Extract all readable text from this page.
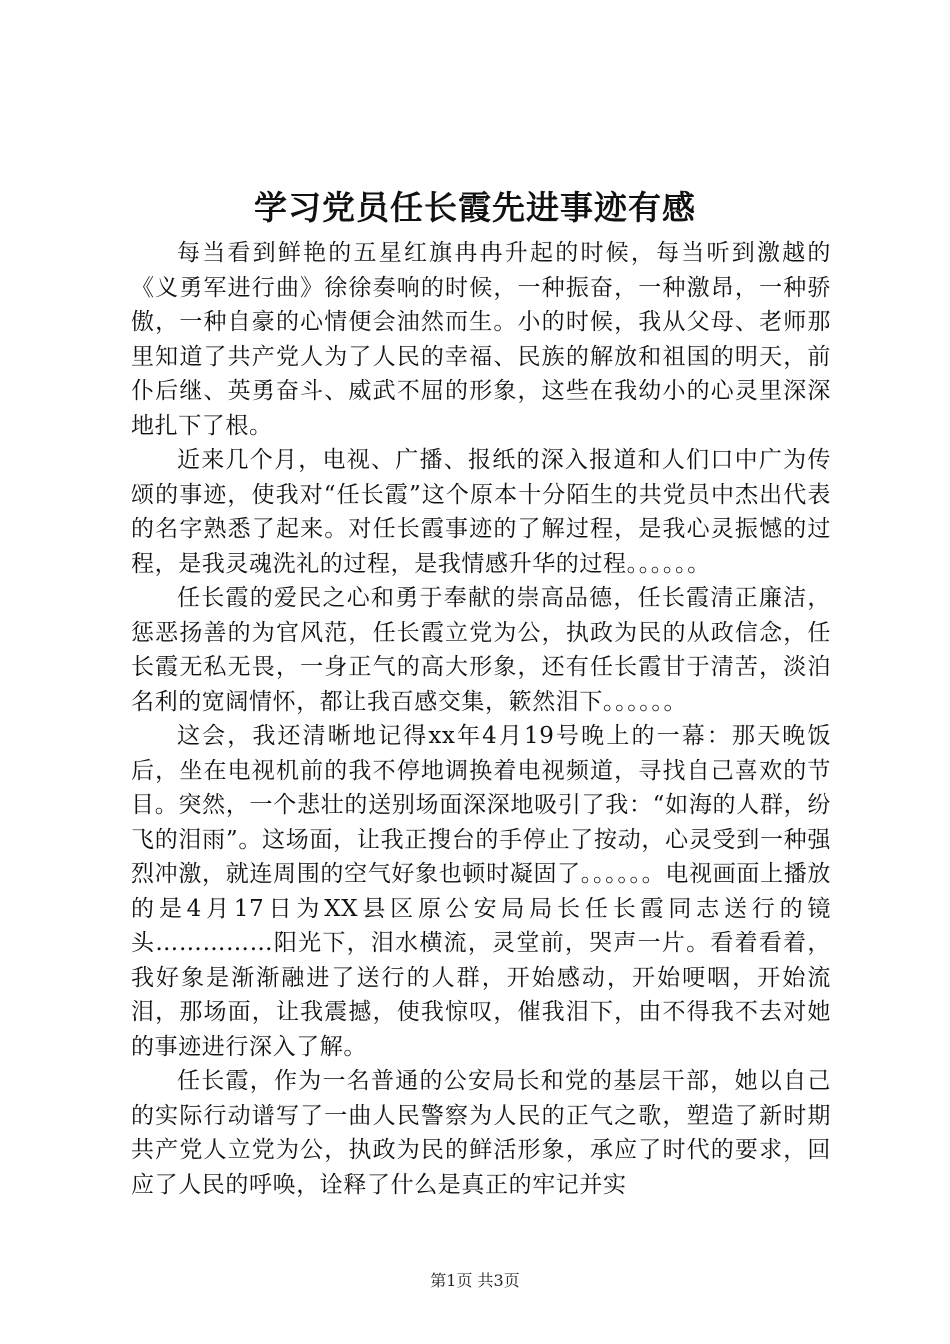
学习党员任长霞先进事迹有感

每当看到鲜艳的五星红旗冉冉升起的时候，每当听到激越的《义勇军进行曲》徐徐奏响的时候，一种振奋，一种激昂，一种骄傲，一种自豪的心情便会油然而生。小的时候，我从父母、老师那里知道了共产党人为了人民的幸福、民族的解放和祖国的明天，前仆后继、英勇奋斗、威武不屈的形象，这些在我幼小的心灵里深深地扎下了根。

近来几个月，电视、广播、报纸的深入报道和人们口中广为传颂的事迹，使我对“任长霞”这个原本十分陌生的共党员中杰出代表的名字熟悉了起来。对任长霞事迹的了解过程，是我心灵振憾的过程，是我灵魂洗礼的过程，是我情感升华的过程。。。。。。

任长霞的爱民之心和勇于奉献的崇高品德，任长霞清正廉洁，惩恶扬善的为官风范，任长霞立党为公，执政为民的从政信念，任长霞无私无畏，一身正气的高大形象，还有任长霞甘于清苦，淡泊名利的宽阔情怀，都让我百感交集，簌然泪下。。。。。。

这会，我还清晰地记得xx年4月19号晚上的一幕：那天晚饭后，坐在电视机前的我不停地调换着电视频道，寻找自己喜欢的节目。突然，一个悲壮的送别场面深深地吸引了我：“如海的人群，纷飞的泪雨”。这场面，让我正搜台的手停止了按动，心灵受到一种强烈冲激，就连周围的空气好象也顿时凝固了。。。。。。电视画面上播放的是4月17日为XX县区原公安局局长任长霞同志送行的镜头……………阳光下，泪水横流，灵堂前，哭声一片。看着看着，我好象是渐渐融进了送行的人群，开始感动，开始哽咽，开始流泪，那场面，让我震撼，使我惊叹，催我泪下，由不得我不去对她的事迹进行深入了解。

任长霞，作为一名普通的公安局长和党的基层干部，她以自己的实际行动谱写了一曲人民警察为人民的正气之歌，塑造了新时期共产党人立党为公，执政为民的鲜活形象，承应了时代的要求，回应了人民的呼唤，诠释了什么是真正的牢记并实

第1页 共3页
